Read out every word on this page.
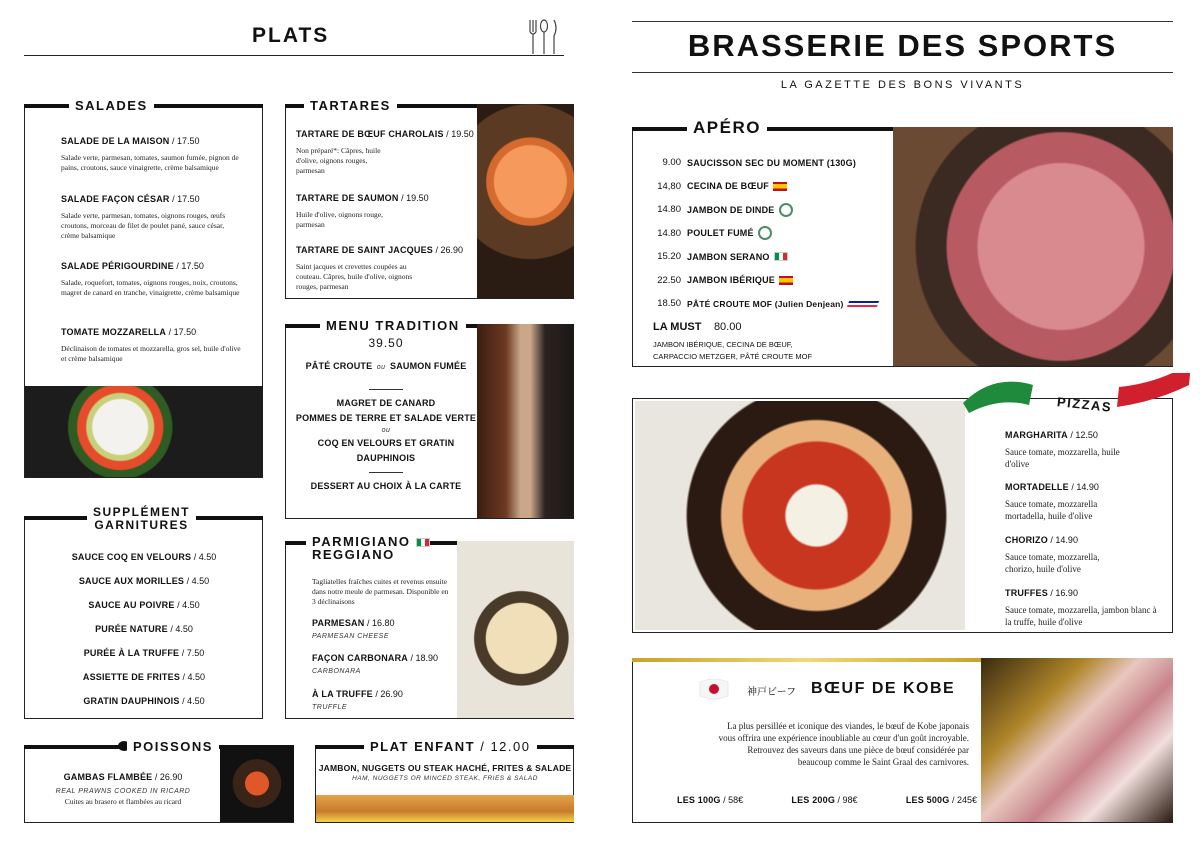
PLATS
SALADES
SALADE DE LA MAISON / 17.50
Salade verte, parmesan, tomates, saumon fumée, pignon de pains, croutons, sauce vinaigrette, crème balsamique
SALADE FAÇON CÉSAR / 17.50
Salade verte, parmesan, tomates, oignons rouges, œufs croutons, morceau de filet de poulet pané, sauce césar, crème balsamique
SALADE PÉRIGOURDINE / 17.50
Salade, roquefort, tomates, oignons rouges, noix, croutons, magret de canard en tranche, vinaigrette, crème balsamique
TOMATE MOZZARELLA / 17.50
Déclinaison de tomates et mozzarella, gros sel, huile d'olive et crème balsamique
TARTARES
TARTARE DE BŒUF CHAROLAIS / 19.50
Non préparé*: Câpres, huile d'olive, oignons rouges, parmesan
TARTARE DE SAUMON / 19.50
Huile d'olive, oignons rouge, parmesan
TARTARE DE SAINT JACQUES / 26.90
Saint jacques et crevettes coupées au couteau. Câpres, huile d'olive, oignons rouges, parmesan
MENU TRADITION
39.50
PÂTÉ CROUTE ou SAUMON FUMÉE
MAGRET DE CANARD
POMMES DE TERRE ET SALADE VERTE
ou
COQ EN VELOURS ET GRATIN
DAUPHINOIS
DESSERT AU CHOIX À LA CARTE
SUPPLÉMENT
GARNITURES
SAUCE COQ EN VELOURS / 4.50
SAUCE AUX MORILLES / 4.50
SAUCE AU POIVRE / 4.50
PURÉE NATURE / 4.50
PURÉE À LA TRUFFE / 7.50
ASSIETTE DE FRITES / 4.50
GRATIN DAUPHINOIS / 4.50
PARMIGIANO
REGGIANO
Tagliatelles fraîches cuites et revenus ensuite dans notre meule de parmesan. Disponible en 3 déclinaisons
PARMESAN / 16.80
PARMESAN CHEESE
FAÇON CARBONARA / 18.90
CARBONARA
À LA TRUFFE / 26.90
TRUFFLE
POISSONS
GAMBAS FLAMBÉE / 26.90
REAL PRAWNS COOKED IN RICARD
Cuites au brasero et flambées au ricard
PLAT ENFANT / 12.00
JAMBON, NUGGETS OU STEAK HACHÉ, FRITES & SALADE
HAM, NUGGETS OR MINCED STEAK, FRIES & SALAD
BRASSERIE DES SPORTS
LA GAZETTE DES BONS VIVANTS
APÉRO
9.00 SAUCISSON SEC DU MOMENT (130G)
14,80 CECINA DE BŒUF
14.80 JAMBON DE DINDE
14.80 POULET FUMÉ
15.20 JAMBON SERANO
22.50 JAMBON IBÉRIQUE
18.50 PÂTÉ CROUTE MOF (Julien Denjean)
LA MUST 80.00
JAMBON IBÉRIQUE, CECINA DE BŒUF,
CARPACCIO METZGER, PÂTÉ CROUTE MOF
PIZZAS
MARGHARITA / 12.50
Sauce tomate, mozzarella, huile d'olive
MORTADELLE / 14.90
Sauce tomate, mozzarella mortadella, huile d'olive
CHORIZO / 14.90
Sauce tomate, mozzarella, chorizo, huile d'olive
TRUFFES / 16.90
Sauce tomate, mozzarella, jambon blanc à la truffe, huile d'olive
神戸ビーフ BŒUF DE KOBE
La plus persillée et iconique des viandes, le bœuf de Kobe japonais vous offrira une expérience inoubliable au cœur d'un goût incroyable. Retrouvez des saveurs dans une pièce de bœuf considérée par beaucoup comme le Saint Graal des carnivores.
LES 100G / 58€	LES 200G / 98€	LES 500G / 245€
